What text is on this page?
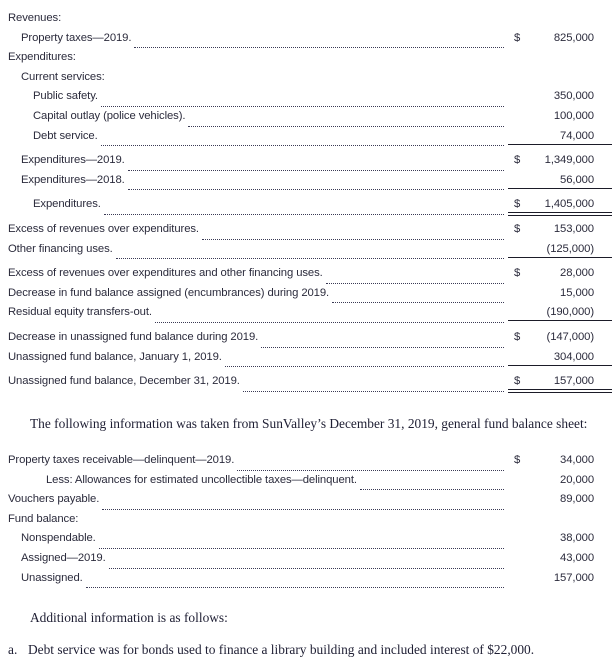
Revenues:
Property taxes—2019.	$	825,000
Expenditures:
Current services:
Public safety.	350,000
Capital outlay (police vehicles).	100,000
Debt service.	74,000
Expenditures—2019.	$ 1,349,000
Expenditures—2018.	56,000
Expenditures.	$ 1,405,000
Excess of revenues over expenditures.	$	153,000
Other financing uses.	(125,000)
Excess of revenues over expenditures and other financing uses.	$	28,000
Decrease in fund balance assigned (encumbrances) during 2019.	15,000
Residual equity transfers-out.	(190,000)
Decrease in unassigned fund balance during 2019.	$ (147,000)
Unassigned fund balance, January 1, 2019.	304,000
Unassigned fund balance, December 31, 2019.	$	157,000

The following information was taken from SunValley’s December 31, 2019, general fund balance sheet:

Property taxes receivable—delinquent—2019.	$	34,000
Less: Allowances for estimated uncollectible taxes—delinquent.	20,000
Vouchers payable.	89,000
Fund balance:
Nonspendable.	38,000
Assigned—2019.	43,000
Unassigned.	157,000

Additional information is as follows:

a. Debt service was for bonds used to finance a library building and included interest of $22,000.
